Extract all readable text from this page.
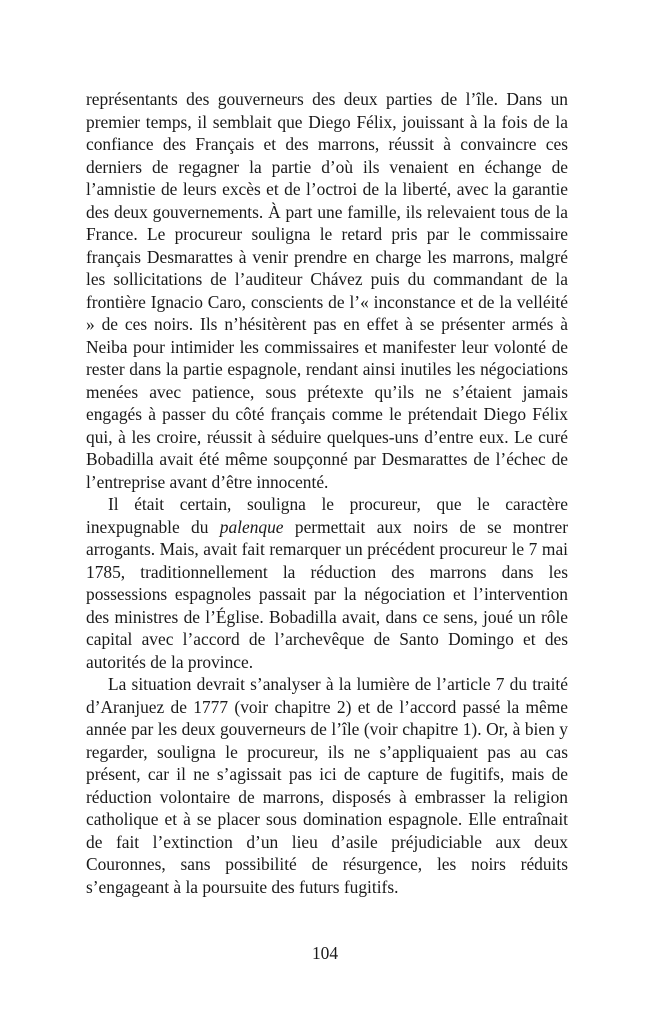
représentants des gouverneurs des deux parties de l’île. Dans un premier temps, il semblait que Diego Félix, jouissant à la fois de la confiance des Français et des marrons, réussit à convaincre ces derniers de regagner la partie d’où ils venaient en échange de l’amnistie de leurs excès et de l’octroi de la liberté, avec la garantie des deux gouvernements. À part une famille, ils relevaient tous de la France. Le procureur souligna le retard pris par le commissaire français Desmarattes à venir prendre en charge les marrons, malgré les sollicitations de l’auditeur Chávez puis du commandant de la frontière Ignacio Caro, conscients de l’« inconstance et de la velléité » de ces noirs. Ils n’hésitèrent pas en effet à se présenter armés à Neiba pour intimider les commissaires et manifester leur volonté de rester dans la partie espagnole, rendant ainsi inutiles les négociations menées avec patience, sous prétexte qu’ils ne s’étaient jamais engagés à passer du côté français comme le prétendait Diego Félix qui, à les croire, réussit à séduire quelques-uns d’entre eux. Le curé Bobadilla avait été même soupçonné par Desmarattes de l’échec de l’entreprise avant d’être innocenté.

Il était certain, souligna le procureur, que le caractère inexpugnable du palenque permettait aux noirs de se montrer arrogants. Mais, avait fait remarquer un précédent procureur le 7 mai 1785, traditionnellement la réduction des marrons dans les possessions espagnoles passait par la négociation et l’intervention des ministres de l’Église. Bobadilla avait, dans ce sens, joué un rôle capital avec l’accord de l’archevêque de Santo Domingo et des autorités de la province.

La situation devrait s’analyser à la lumière de l’article 7 du traité d’Aranjuez de 1777 (voir chapitre 2) et de l’accord passé la même année par les deux gouverneurs de l’île (voir chapitre 1). Or, à bien y regarder, souligna le procureur, ils ne s’appliquaient pas au cas présent, car il ne s’agissait pas ici de capture de fugitifs, mais de réduction volontaire de marrons, disposés à embrasser la religion catholique et à se placer sous domination espagnole. Elle entraînait de fait l’extinction d’un lieu d’asile préjudiciable aux deux Couronnes, sans possibilité de résurgence, les noirs réduits s’engageant à la poursuite des futurs fugitifs.

104
